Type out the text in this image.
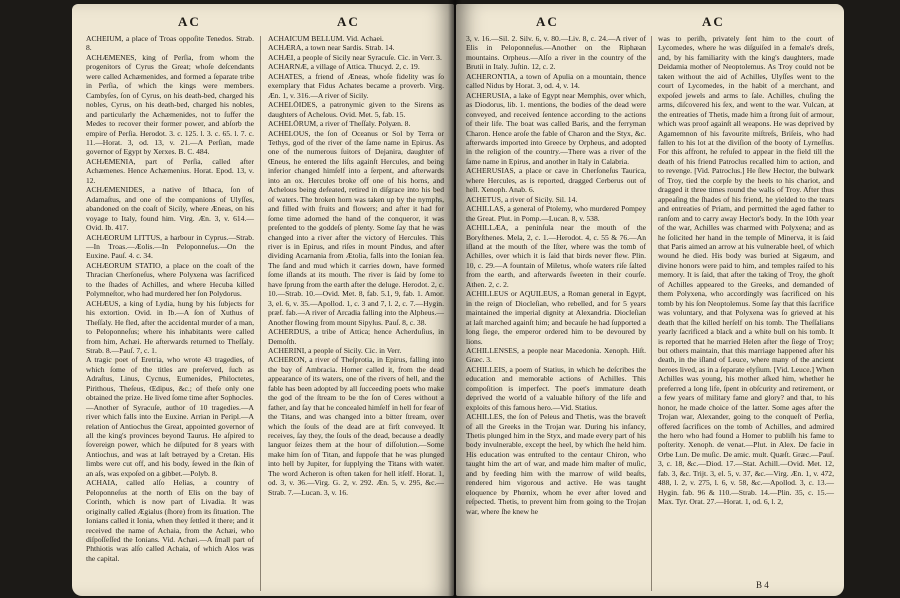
AC	AC

ACHEIUM, a place of Troas oppoſite Tenedos. Strab. 8.

ACHÆMENES, king of Perſia, from whom the progenitors of Cyrus the Great; whoſe deſcendants were called Achæmenides, and formed a ſeparate tribe in Perſia, of which the kings were members. Cambyſes, ſon of Cyrus, on his death-bed, charged his nobles, Cyrus, on his death-bed, charged his nobles, and particularly the Achæmenides, not to ſuffer the Medes to recover their former power, and abſorb the empire of Perſia. Herodot. 3. c. 125. l. 3. c. 65. l. 7. c. 11.—Horat. 3, od. 13, v. 21.—A Perſian, made governor of Egypt by Xerxes. B. C. 484.

ACHÆMENIA, part of Perſia, called after Achæmenes. Hence Achæmenius. Horat. Epod. 13, v. 12.

ACHÆMENIDES, a native of Ithaca, ſon of Adamaſtus, and one of the companions of Ulyſſes, abandoned on the coaſt of Sicily, where Æneas, on his voyage to Italy, found him. Virg. Æn. 3, v. 614.—Ovid. Ib. 417.

ACHÆORUM LITTUS, a harbour in Cyprus.—Strab.—In Troas.—Æolis.—In Peloponneſus.—On the Euxine. Pauſ. 4. c. 34.

ACHÆORUM STATIO, a place on the coaſt of the Thracian Cherſoneſus, where Polyxena was ſacrificed to the ſhades of Achilles, and where Hecuba killed Polymneſtor, who had murdered her ſon Polydorus.

ACHÆUS, a king of Lydia, hung by his ſubjects for his extortion. Ovid. in Ib.—A ſon of Xuthus of Theſſaly. He fled, after the accidental murder of a man, to Peloponneſus; where his inhabitants were called from him, Achæi. He afterwards returned to Theſſaly. Strab. 8.—Pauſ. 7, c. 1.

A tragic poet of Eretria, who wrote 43 tragedies, of which ſome of the titles are preſerved, ſuch as Adraſtus, Linus, Cycnus, Eumenides, Philoctetes, Pirithous, Theſeus, Œdipus, &c.; of theſe only one obtained the prize. He lived ſome time after Sophocles.

—Another of Syracuſe, author of 10 tragedies.—A river which falls into the Euxine. Arrian in Peripl.—A relation of Antiochus the Great, appointed governor of all the king's provinces beyond Taurus. He aſpired to ſovereign power, which he diſputed for 8 years with Antiochus, and was at laſt betrayed by a Cretan. His limbs were cut off, and his body, ſewed in the ſkin of an aſs, was expoſed on a gibbet.—Polyb. 8.

ACHAIA, called alſo Helias, a country of Peloponneſus at the north of Elis on the bay of Corinth, which is now part of Livadia. It was originally called Ægialus (ſhore) from its ſituation. The Ionians called it Ionia, when they ſettled it there; and it received the name of Achaia, from the Achæi, who diſpoſſeſſed the Ionians. Vid. Achæi.—A ſmall part of Phthiotis was alſo called Achaia, of which Alos was the capital.

ACHAICUM BELLUM. Vid. Achaei.

ACHÆRA, a town near Sardis. Strab. 14.

ACHÆI, a people of Sicily near Syracuſe. Cic. in Verr. 3.

ACHARNÆ, a village of Attica. Thucyd. 2, c. 19.

ACHATES, a friend of Æneas, whoſe fidelity was ſo exemplary that Fidus Achates became a proverb. Virg. Æn. 1, v. 316.—A river of Sicily.

ACHELÖIDES, a patronymic given to the Sirens as daughters of Achelous. Ovid. Met. 5, fab. 15.

ACHELÖRUM, a river of Theſſaly. Polyæn. 8.

ACHELOUS, the ſon of Oceanus or Sol by Terra or Tethys, god of the river of the ſame name in Epirus. As one of the numerous ſuitors of Dejanira, daughter of Œneus, he entered the liſts againſt Hercules, and being inferior changed himſelf into a ſerpent, and afterwards into an ox. Hercules broke off one of his horns, and Achelous being defeated, retired in diſgrace into his bed of waters. The broken horn was taken up by the nymphs, and filled with fruits and flowers; and after it had for ſome time adorned the hand of the conqueror, it was preſented to the goddeſs of plenty. Some ſay that he was changed into a river after the victory of Hercules. This river is in Epirus, and riſes in mount Pindus, and after dividing Acarnania from Ætolia, falls into the Ionian ſea. The ſand and mud which it carries down, have formed ſome iſlands at its mouth. The river is ſaid by ſome to have ſprung from the earth after the deluge. Herodot. 2, c. 10.—Strab. 10.—Ovid. Met. 8, fab. 5.1, 9, fab. 1. Amor. 3, el. 6, v. 35.—Apollod. 1, c. 3 and 7, l. 2, c. 7.—Hygin. præf. fab.—A river of Arcadia falling into the Alpheus.—Another flowing from mount Sipylus. Pauſ. 8, c. 38.

ACHERDUS, a tribe of Attica; hence Acherduſius, in Demoſth.

ACHERINI, a people of Sicily. Cic. in Verr.

ACHERON, a river of Theſprotia, in Epirus, falling into the bay of Ambracia. Homer called it, from the dead appearance of its waters, one of the rivers of hell, and the fable has been adopted by all ſucceeding poets who make the god of the ſtream to be the ſon of Ceres without a father, and ſay that he concealed himſelf in hell for fear of the Titans, and was changed into a bitter ſtream, over which the ſouls of the dead are at firſt conveyed. It receives, ſay they, the ſouls of the dead, because a deadly languor ſeizes them at the hour of diſſolution.—Some make him ſon of Titan, and ſuppoſe that he was plunged into hell by Jupiter, for ſupplying the Titans with water. The word Acheron is often taken for hell itſelf. Horat. 1, od. 3, v. 36.—Virg. G. 2, v. 292. Æn. 5, v. 295, &c.—Strab. 7.—Lucan. 3, v. 16.

AC	AC

3, v. 16.—Sil. 2. Silv. 6, v. 80.—Liv. 8, c. 24.—A river of Elis in Peloponneſus.—Another on the Riphæan mountains. Orpheus.—Alſo a river in the country of the Brutii in Italy. Juſtin. 12, c. 2.

ACHERONTIA, a town of Apulia on a mountain, thence called Nidus by Horat. 3, od. 4, v. 14.

ACHERUSIA, a lake of Egypt near Memphis, over which, as Diodorus, lib. 1. mentions, the bodies of the dead were conveyed, and received ſentence according to the actions of their life. The boat was called Baris, and the ferryman Charon. Hence aroſe the fable of Charon and the Styx, &c. afterwards imported into Greece by Orpheus, and adopted in the religion of the country.—There was a river of the ſame name in Epirus, and another in Italy in Calabria.

ACHERUSIAS, a place or cave in Cherſoneſus Taurica, where Hercules, as is reported, dragged Cerberus out of hell. Xenoph. Anab. 6.

ACHETUS, a river of Sicily. Sil. 14.

ACHILLAS, a general of Ptolemy, who murdered Pompey the Great. Plut. in Pomp.—Lucan. 8, v. 538.

ACHILLÆA, a peninſula near the mouth of the Boryſthenes. Mela, 2, c. 1.—Herodot. 4, c. 55 & 76.—An iſland at the mouth of the Iſter, where was the tomb of Achilles, over which it is ſaid that birds never flew. Plin. 10, c. 29.—A fountain of Miletus, whoſe waters riſe ſalted from the earth, and afterwards ſweeten in their courſe. Athen. 2, c. 2.

ACHILLEUS or AQUILEUS, a Roman general in Egypt, in the reign of Diocleſian, who rebelled, and for 5 years maintained the imperial dignity at Alexandria. Diocleſian at laſt marched againſt him; and becauſe he had ſupported a long ſiege, the emperor ordered him to be devoured by lions.

ACHILLENSES, a people near Macedonia. Xenoph. Hiſt. Græc. 3.

ACHILLEIS, a poem of Statius, in which he deſcribes the education and memorable actions of Achilles. This compoſition is imperfect. The poet's immature death deprived the world of a valuable hiſtory of the life and exploits of this famous hero.—Vid. Statius.

ACHILLES, the ſon of Peleus and Thetis, was the braveſt of all the Greeks in the Trojan war. During his infancy, Thetis plunged him in the Styx, and made every part of his body invulnerable, except the heel, by which ſhe held him. His education was entruſted to the centaur Chiron, who taught him the art of war, and made him maſter of muſic, and by feeding him with the marrow of wild beaſts, rendered him vigorous and active. He was taught eloquence by Phœnix, whom he ever after loved and reſpected. Thetis, to prevent him from going to the Trojan war, where ſhe knew he

was to periſh, privately ſent him to the court of Lycomedes, where he was diſguiſed in a female's dreſs, and, by his familiarity with the king's daughters, made Deidamia mother of Neoptolemus. As Troy could not be taken without the aid of Achilles, Ulyſſes went to the court of Lycomedes, in the habit of a merchant, and expoſed jewels and arms to ſale. Achilles, chuſing the arms, diſcovered his ſex, and went to the war. Vulcan, at the entreaties of Thetis, made him a ſtrong ſuit of armour, which was proof againſt all weapons. He was deprived by Agamemnon of his favourite miſtreſs, Briſeis, who had fallen to his lot at the diviſion of the booty of Lyrneſſus. For this affront, he refuſed to appear in the field till the death of his friend Patroclus recalled him to action, and to revenge. [Vid. Patroclus.] He ſlew Hector, the bulwark of Troy, tied the corpſe by the heels to his chariot, and dragged it three times round the walls of Troy. After thus appeaſing the ſhades of his friend, he yielded to the tears and entreaties of Priam, and permitted the aged father to ranſom and to carry away Hector's body. In the 10th year of the war, Achilles was charmed with Polyxena; and as he ſolicited her hand in the temple of Minerva, it is ſaid that Paris aimed an arrow at his vulnerable heel, of which wound he died. His body was buried at Sigæum, and divine honors were paid to him, and temples raiſed to his memory. It is ſaid, that after the taking of Troy, the ghoſt of Achilles appeared to the Greeks, and demanded of them Polyxena, who accordingly was ſacrificed on his tomb by his ſon Neoptolemus. Some ſay that this ſacrifice was voluntary, and that Polyxena was ſo grieved at his death that ſhe killed herſelf on his tomb. The Theſſalians yearly ſacrificed a black and a white bull on his tomb. It is reported that he married Helen after the ſiege of Troy; but others maintain, that this marriage happened after his death, in the iſland of Leuce, where many of the ancient heroes lived, as in a ſeparate elyſium. [Vid. Leuce.] When Achilles was young, his mother aſked him, whether he preferred a long life, ſpent in obſcurity and retirement, or a few years of military fame and glory? and that, to his honor, he made choice of the latter. Some ages after the Trojan war, Alexander, going to the conqueſt of Perſia, offered ſacrifices on the tomb of Achilles, and admired the hero who had found a Homer to publiſh his fame to poſterity. Xenoph. de venat.—Plut. in Alex. De facie in Orbe Lun. De muſic. De amic. mult. Quæſt. Græc.—Pauſ. 3, c. 18, &c.—Diod. 17.—Stat. Achill.—Ovid. Met. 12, fab. 3, &c. Trijt. 3, el. 5, v. 37, &c.—Virg. Æn. 1, v. 472, 488, l. 2, v. 275, l. 6, v. 58, &c.—Apollod. 3, c. 13.—Hygin. fab. 96 & 110.—Strab. 14.—Plin. 35, c. 15.—Max. Tyr. Orat. 27.—Horat. 1, od. 6, l. 2,

B 4
